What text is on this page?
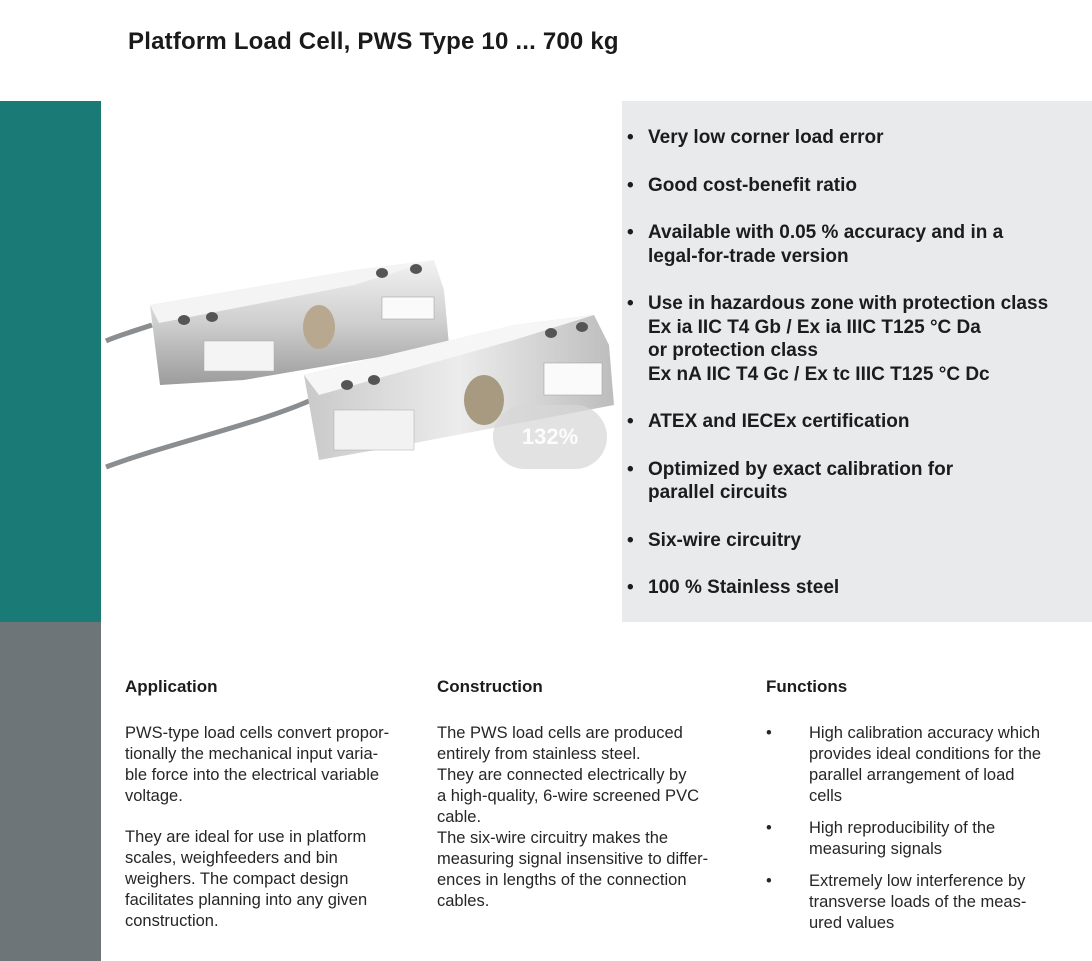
Platform Load Cell, PWS Type 10 ... 700 kg
• Very low corner load error
• Good cost-benefit ratio
• Available with 0.05 % accuracy and in a
legal-for-trade version
• Use in hazardous zone with protection class
Ex ia IIC T4 Gb / Ex ia IIIC T125 °C Da
or protection class
Ex nA IIC T4 Gc / Ex tc IIIC T125 °C Dc
• ATEX and IECEx certification
• Optimized by exact calibration for
parallel circuits
• Six-wire circuitry
• 100 % Stainless steel
132%
Application

PWS-type load cells convert propor-
tionally the mechanical input varia-
ble force into the electrical variable
voltage.

They are ideal for use in platform
scales, weighfeeders and bin
weighers. The compact design
facilitates planning into any given
construction.

Construction

The PWS load cells are produced
entirely from stainless steel.
They are connected electrically by
a high-quality, 6-wire screened PVC
cable.
The six-wire circuitry makes the
measuring signal insensitive to differ-
ences in lengths of the connection
cables.

Functions
• High calibration accuracy which
provides ideal conditions for the
parallel arrangement of load
cells
• High reproducibility of the
measuring signals
• Extremely low interference by
transverse loads of the meas-
ured values
